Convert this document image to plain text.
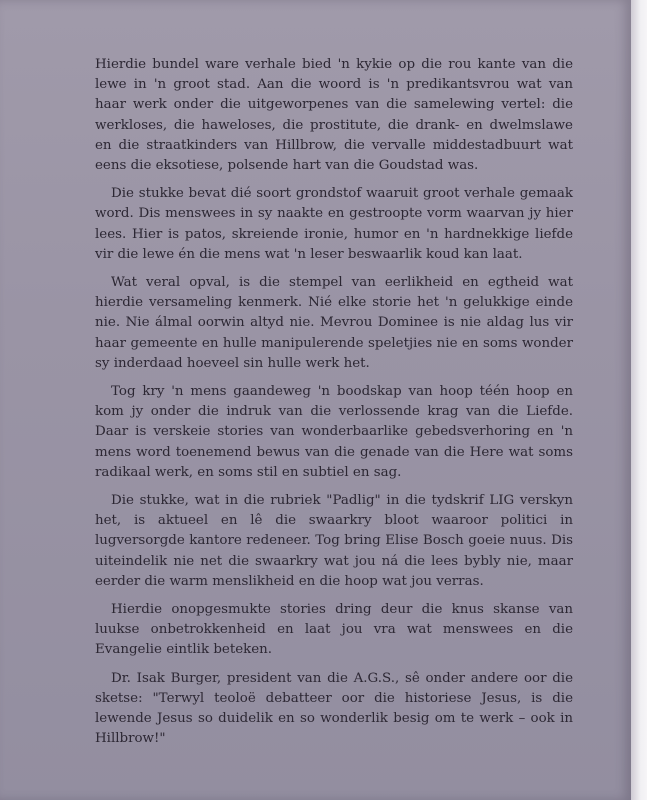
Hierdie bundel ware verhale bied 'n kykie op die rou kante van die lewe in 'n groot stad. Aan die woord is 'n predikantsvrou wat van haar werk onder die uitgeworpenes van die samelewing vertel: die werkloses, die haweloses, die prostitute, die drank- en dwelmslawe en die straatkinders van Hillbrow, die vervalle middestadbuurt wat eens die eksotiese, polsende hart van die Goudstad was.

Die stukke bevat dié soort grondstof waaruit groot verhale gemaak word. Dis menswees in sy naakte en gestroopte vorm waarvan jy hier lees. Hier is patos, skreiende ironie, humor en 'n hardnekkige liefde vir die lewe én die mens wat 'n leser beswaarlik koud kan laat.

Wat veral opval, is die stempel van eerlikheid en egtheid wat hierdie versameling kenmerk. Nié elke storie het 'n gelukkige einde nie. Nie álmal oorwin altyd nie. Mevrou Dominee is nie aldag lus vir haar gemeente en hulle manipulerende speletjies nie en soms wonder sy inderdaad hoeveel sin hulle werk het.

Tog kry 'n mens gaandeweg 'n boodskap van hoop téén hoop en kom jy onder die indruk van die verlossende krag van die Liefde. Daar is verskeie stories van wonderbaarlike gebedsverhoring en 'n mens word toenemend bewus van die genade van die Here wat soms radikaal werk, en soms stil en subtiel en sag.

Die stukke, wat in die rubriek "Padlig" in die tydskrif LIG verskyn het, is aktueel en lê die swaarkry bloot waaroor politici in lugversorgde kantore redeneer. Tog bring Elise Bosch goeie nuus. Dis uiteindelik nie net die swaarkry wat jou ná die lees bybly nie, maar eerder die warm menslikheid en die hoop wat jou verras.

Hierdie onopgesmukte stories dring deur die knus skanse van luukse onbetrokkenheid en laat jou vra wat menswees en die Evangelie eintlik beteken.

Dr. Isak Burger, president van die A.G.S., sê onder andere oor die sketse: "Terwyl teoloë debatteer oor die historiese Jesus, is die lewende Jesus so duidelik en so wonderlik besig om te werk – ook in Hillbrow!"
